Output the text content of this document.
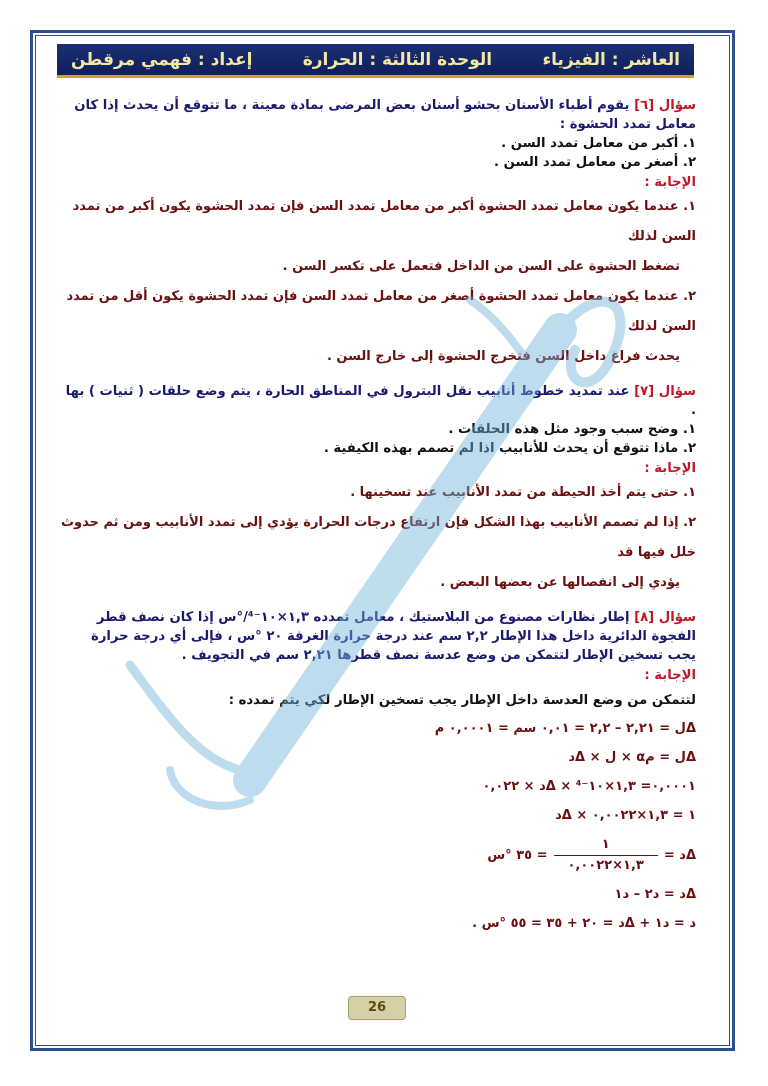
العاشر : الفيزياء
الوحدة الثالثة : الحرارة
إعداد : فهمي مرقطن
سؤال [٦] يقوم أطباء الأسنان بحشو أسنان بعض المرضى بمادة معينة ، ما تتوقع أن يحدث إذا كان معامل تمدد الحشوة :
١. أكبر من معامل تمدد السن .
٢. أصغر من معامل تمدد السن .
الإجابة :
١. عندما يكون معامل تمدد الحشوة أكبر من معامل تمدد السن فإن تمدد الحشوة يكون أكبر من تمدد السن لذلك
تضغط الحشوة على السن من الداخل فتعمل على تكسر السن .
٢. عندما يكون معامل تمدد الحشوة أصغر من معامل تمدد السن فإن تمدد الحشوة يكون أقل من تمدد السن لذلك
يحدث فراغ داخل السن فتخرج الحشوة إلى خارج السن .
سؤال [٧] عند تمديد خطوط أنابيب نقل البترول في المناطق الحارة ، يتم وضع حلقات ( ثنيات ) بها .
١. وضح سبب وجود مثل هذه الحلقات .
٢. ماذا تتوقع أن يحدث للأنابيب اذا لم تصمم بهذه الكيفية .
الإجابة :
١. حتى يتم أخذ الحيطة من تمدد الأنابيب عند تسخينها .
٢. إذا لم تصمم الأنابيب بهذا الشكل فإن ارتفاع درجات الحرارة يؤدي إلى تمدد الأنابيب ومن ثم حدوث خلل فيها قد
يؤدي إلى انفصالها عن بعضها البعض .
سؤال [٨] إطار نظارات مصنوع من البلاستيك ، معامل تمدده ١,٣×١٠⁻⁴/°س إذا كان نصف قطر الفجوة الدائرية داخل هذا الإطار ٢,٢ سم عند درجة حرارة الغرفة ٢٠ °س ، فإلى أي درجة حرارة يجب تسخين الإطار لتتمكن من وضع عدسة نصف قطرها ٢,٢١ سم في التجويف .
الإجابة :
لتتمكن من وضع العدسة داخل الإطار يجب تسخين الإطار لكي يتم تمدده :
Δل = ٢,٢١ – ٢,٢ = ٠,٠١ سم = ٠,٠٠٠١ م
Δل = مα × ل × Δد
٠,٠٠٠١= ١,٣×١٠⁻⁴ × Δد × ٠,٠٢٢
١ = ١,٣×٠,٠٠٢٢ × Δد
Δد =
١
١,٣×٠,٠٠٢٢
= ٣٥ °س
Δد = د٢ – د١
د = د١ + Δد = ٢٠ + ٣٥ = ٥٥ °س .
26
